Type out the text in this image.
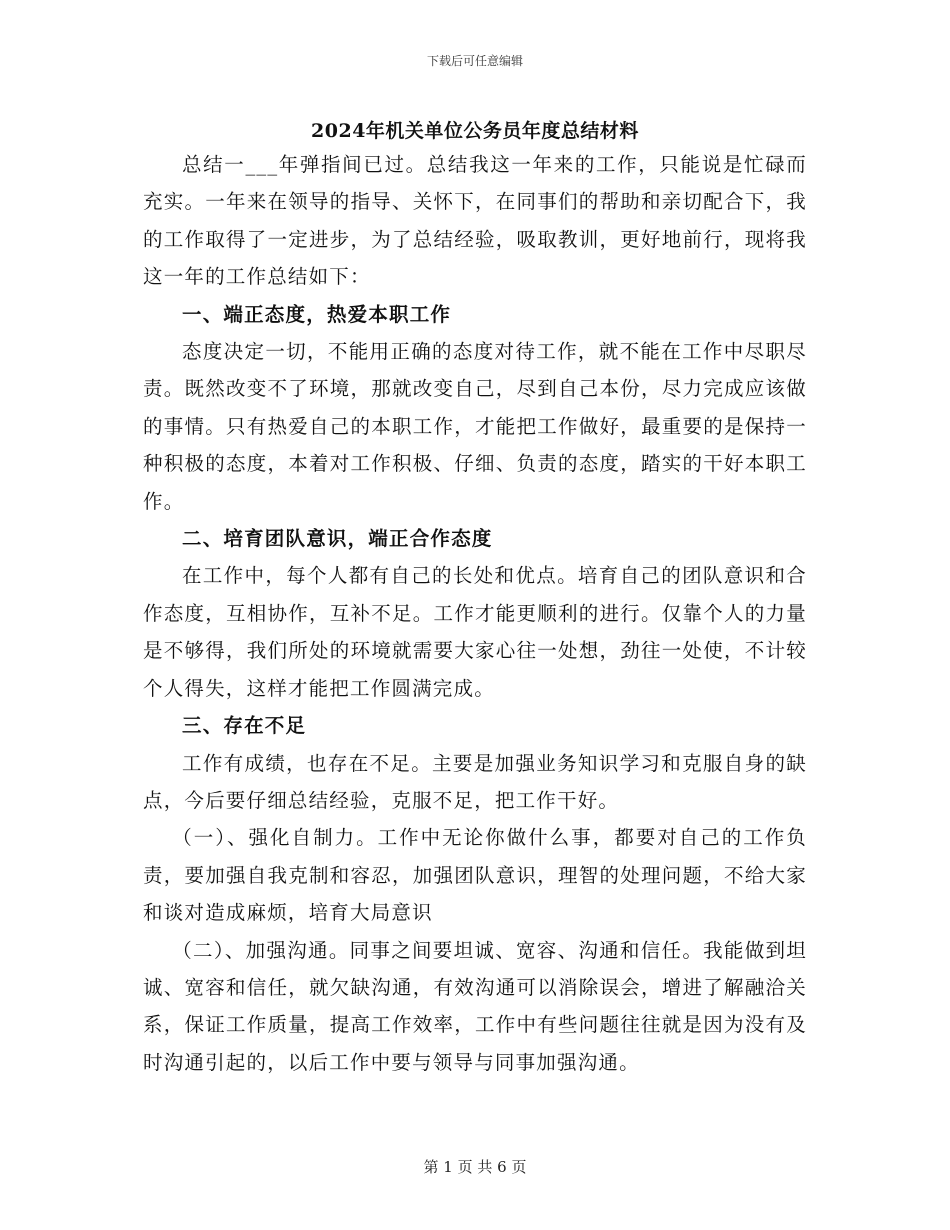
下载后可任意编辑
2024年机关单位公务员年度总结材料

总结一___年弹指间已过。总结我这一年来的工作，只能说是忙碌而充实。一年来在领导的指导、关怀下，在同事们的帮助和亲切配合下，我的工作取得了一定进步，为了总结经验，吸取教训，更好地前行，现将我这一年的工作总结如下：

一、端正态度，热爱本职工作

态度决定一切，不能用正确的态度对待工作，就不能在工作中尽职尽责。既然改变不了环境，那就改变自己，尽到自己本份，尽力完成应该做的事情。只有热爱自己的本职工作，才能把工作做好，最重要的是保持一种积极的态度，本着对工作积极、仔细、负责的态度，踏实的干好本职工作。

二、培育团队意识，端正合作态度

在工作中，每个人都有自己的长处和优点。培育自己的团队意识和合作态度，互相协作，互补不足。工作才能更顺利的进行。仅靠个人的力量是不够得，我们所处的环境就需要大家心往一处想，劲往一处使，不计较个人得失，这样才能把工作圆满完成。

三、存在不足

工作有成绩，也存在不足。主要是加强业务知识学习和克服自身的缺点，今后要仔细总结经验，克服不足，把工作干好。

（一）、强化自制力。工作中无论你做什么事，都要对自己的工作负责，要加强自我克制和容忍，加强团队意识，理智的处理问题，不给大家和谈对造成麻烦，培育大局意识

（二）、加强沟通。同事之间要坦诚、宽容、沟通和信任。我能做到坦诚、宽容和信任，就欠缺沟通，有效沟通可以消除误会，增进了解融洽关系，保证工作质量，提高工作效率，工作中有些问题往往就是因为没有及时沟通引起的，以后工作中要与领导与同事加强沟通。

第 1 页 共 6 页
